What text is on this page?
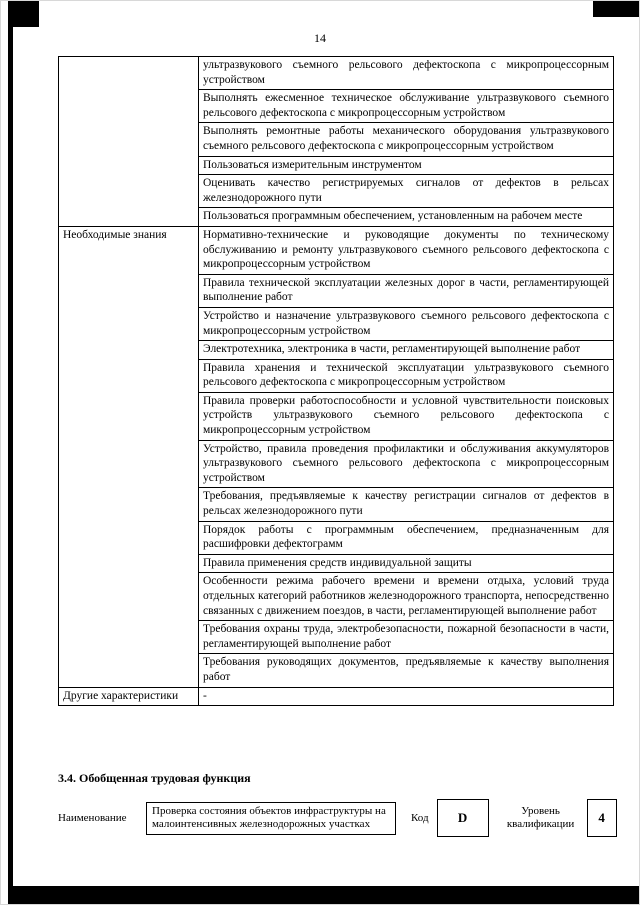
14
	ультразвукового съемного рельсового дефектоскопа с микропроцессорным устройством
	Выполнять ежесменное техническое обслуживание ультразвукового съемного рельсового дефектоскопа с микропроцессорным устройством
	Выполнять ремонтные работы механического оборудования ультразвукового съемного рельсового дефектоскопа с микропроцессорным устройством
	Пользоваться измерительным инструментом
	Оценивать качество регистрируемых сигналов от дефектов в рельсах железнодорожного пути
	Пользоваться программным обеспечением, установленным на рабочем месте
Необходимые знания	Нормативно-технические и руководящие документы по техническому обслуживанию и ремонту ультразвукового съемного рельсового дефектоскопа с микропроцессорным устройством
	Правила технической эксплуатации железных дорог в части, регламентирующей выполнение работ
	Устройство и назначение ультразвукового съемного рельсового дефектоскопа с микропроцессорным устройством
	Электротехника, электроника в части, регламентирующей выполнение работ
	Правила хранения и технической эксплуатации ультразвукового съемного рельсового дефектоскопа с микропроцессорным устройством
	Правила проверки работоспособности и условной чувствительности поисковых устройств ультразвукового съемного рельсового дефектоскопа с микропроцессорным устройством
	Устройство, правила проведения профилактики и обслуживания аккумуляторов ультразвукового съемного рельсового дефектоскопа с микропроцессорным устройством
	Требования, предъявляемые к качеству регистрации сигналов от дефектов в рельсах железнодорожного пути
	Порядок работы с программным обеспечением, предназначенным для расшифровки дефектограмм
	Правила применения средств индивидуальной защиты
	Особенности режима рабочего времени и времени отдыха, условий труда отдельных категорий работников железнодорожного транспорта, непосредственно связанных с движением поездов, в части, регламентирующей выполнение работ
	Требования охраны труда, электробезопасности, пожарной безопасности в части, регламентирующей выполнение работ
	Требования руководящих документов, предъявляемые к качеству выполнения работ
Другие характеристики	-
3.4. Обобщенная трудовая функция
Наименование
Проверка состояния объектов инфраструктуры на малоинтенсивных железнодорожных участках
Код	D	Уровень квалификации	4
